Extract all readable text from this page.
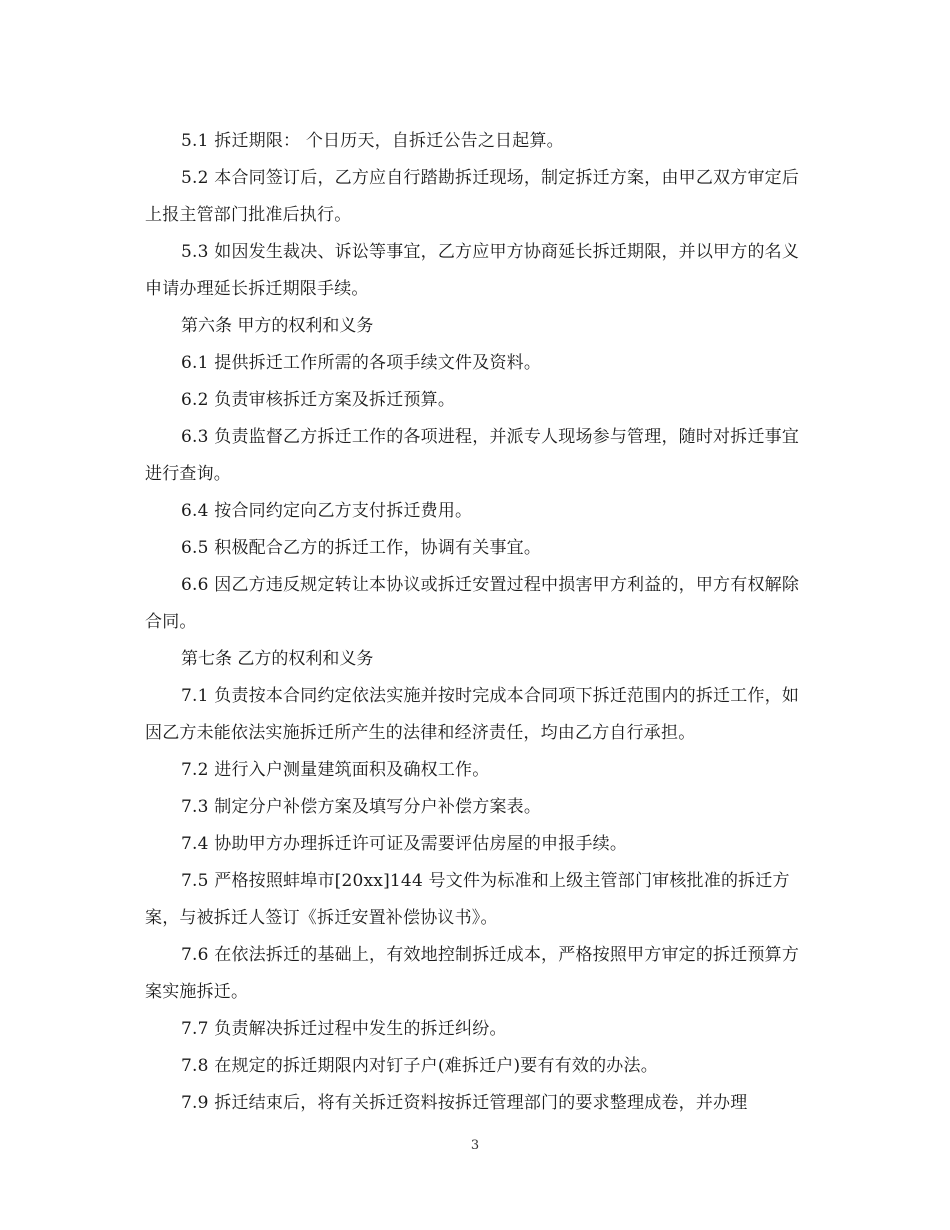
5.1 拆迁期限： 个日历天，自拆迁公告之日起算。

5.2 本合同签订后，乙方应自行踏勘拆迁现场，制定拆迁方案，由甲乙双方审定后上报主管部门批准后执行。

5.3 如因发生裁决、诉讼等事宜，乙方应甲方协商延长拆迁期限，并以甲方的名义申请办理延长拆迁期限手续。

第六条 甲方的权利和义务

6.1 提供拆迁工作所需的各项手续文件及资料。

6.2 负责审核拆迁方案及拆迁预算。

6.3 负责监督乙方拆迁工作的各项进程，并派专人现场参与管理，随时对拆迁事宜进行查询。

6.4 按合同约定向乙方支付拆迁费用。

6.5 积极配合乙方的拆迁工作，协调有关事宜。

6.6 因乙方违反规定转让本协议或拆迁安置过程中损害甲方利益的，甲方有权解除合同。

第七条 乙方的权利和义务

7.1 负责按本合同约定依法实施并按时完成本合同项下拆迁范围内的拆迁工作，如因乙方未能依法实施拆迁所产生的法律和经济责任，均由乙方自行承担。

7.2 进行入户测量建筑面积及确权工作。

7.3 制定分户补偿方案及填写分户补偿方案表。

7.4 协助甲方办理拆迁许可证及需要评估房屋的申报手续。

7.5 严格按照蚌埠市[20xx]144 号文件为标准和上级主管部门审核批准的拆迁方案，与被拆迁人签订《拆迁安置补偿协议书》。

7.6 在依法拆迁的基础上，有效地控制拆迁成本，严格按照甲方审定的拆迁预算方案实施拆迁。

7.7 负责解决拆迁过程中发生的拆迁纠纷。

7.8 在规定的拆迁期限内对钉子户(难拆迁户)要有有效的办法。

7.9 拆迁结束后，将有关拆迁资料按拆迁管理部门的要求整理成卷，并办理

3
